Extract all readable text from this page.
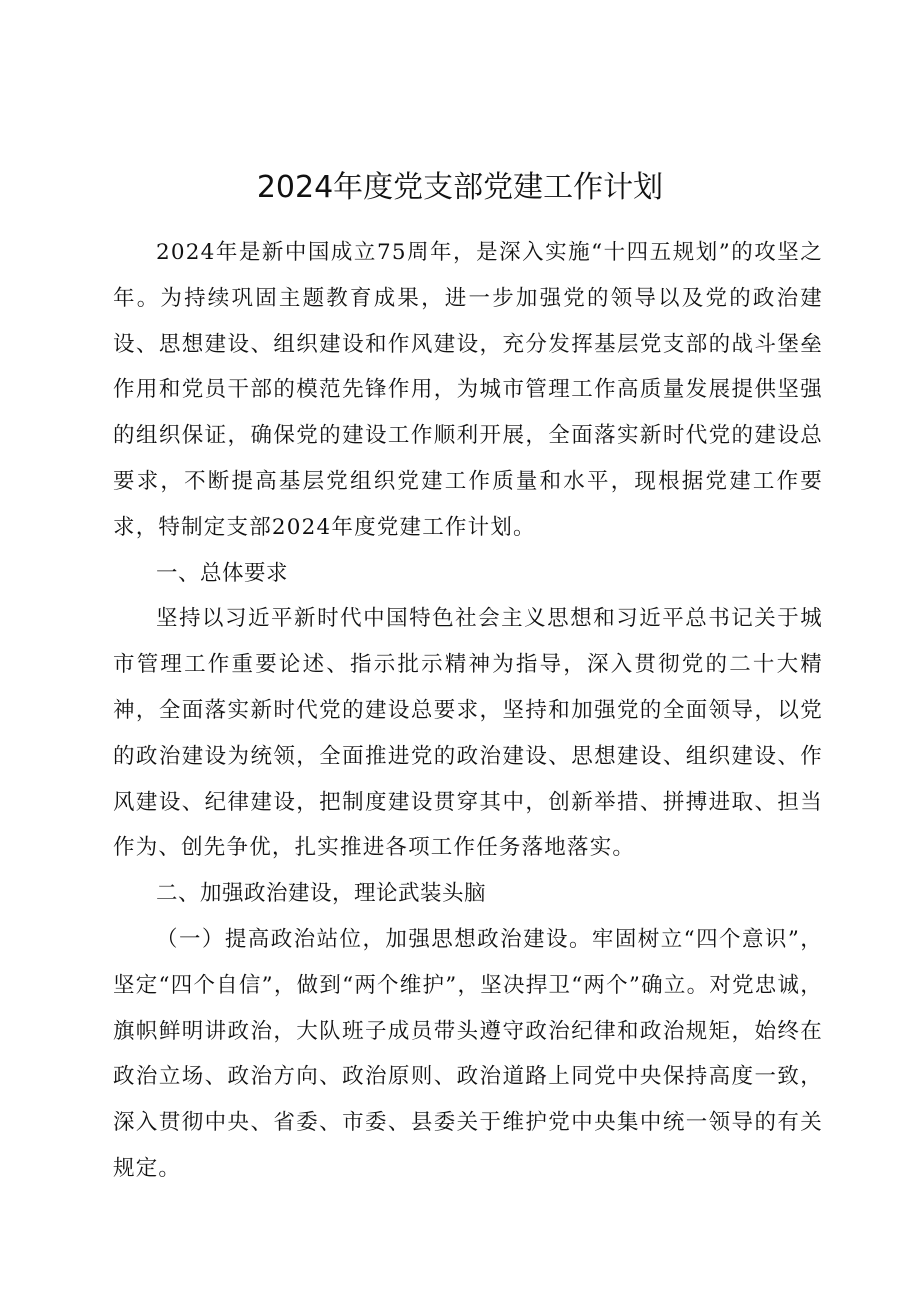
2024年度党支部党建工作计划

2024年是新中国成立75周年，是深入实施“十四五规划”的攻坚之年。为持续巩固主题教育成果，进一步加强党的领导以及党的政治建设、思想建设、组织建设和作风建设，充分发挥基层党支部的战斗堡垒作用和党员干部的模范先锋作用，为城市管理工作高质量发展提供坚强的组织保证，确保党的建设工作顺利开展，全面落实新时代党的建设总要求，不断提高基层党组织党建工作质量和水平，现根据党建工作要求，特制定支部2024年度党建工作计划。

一、总体要求

坚持以习近平新时代中国特色社会主义思想和习近平总书记关于城市管理工作重要论述、指示批示精神为指导，深入贯彻党的二十大精神，全面落实新时代党的建设总要求，坚持和加强党的全面领导，以党的政治建设为统领，全面推进党的政治建设、思想建设、组织建设、作风建设、纪律建设，把制度建设贯穿其中，创新举措、拼搏进取、担当作为、创先争优，扎实推进各项工作任务落地落实。

二、加强政治建设，理论武装头脑

（一）提高政治站位，加强思想政治建设。牢固树立“四个意识”，坚定“四个自信”，做到“两个维护”，坚决捍卫“两个”确立。对党忠诚，旗帜鲜明讲政治，大队班子成员带头遵守政治纪律和政治规矩，始终在政治立场、政治方向、政治原则、政治道路上同党中央保持高度一致，深入贯彻中央、省委、市委、县委关于维护党中央集中统一领导的有关规定。
